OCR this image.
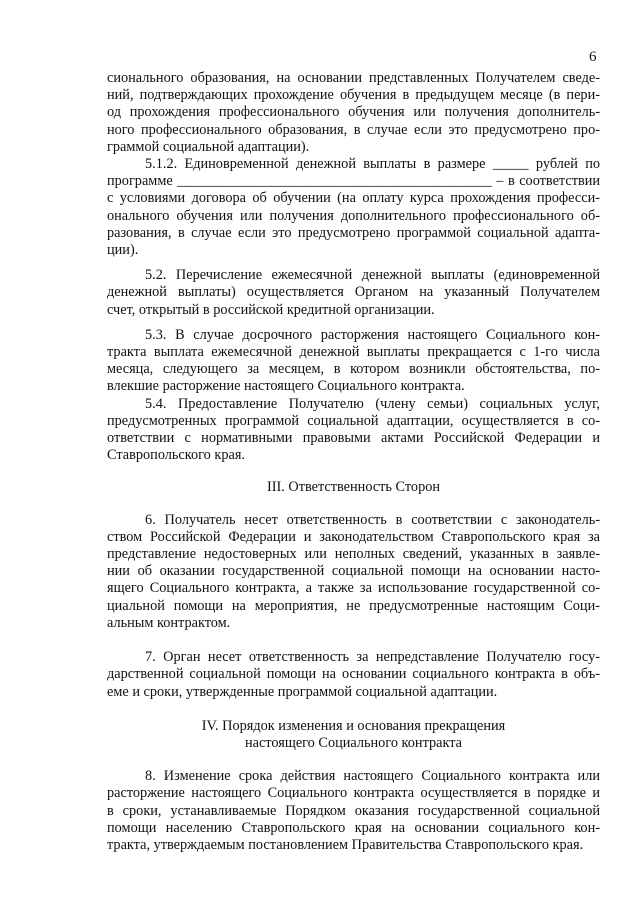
6

сионального образования, на основании представленных Получателем сведе-

ний, подтверждающих прохождение обучения в предыдущем месяце (в пери-

од прохождения профессионального обучения или получения дополнитель-

ного профессионального образования, в случае если это предусмотрено про-

граммой социальной адаптации).

5.1.2. Единовременной денежной выплаты в размере _____ рублей по

программе ____________________________________________ – в соответствии

с условиями договора об обучении (на оплату курса прохождения професси-

онального обучения или получения дополнительного профессионального об-

разования, в случае если это предусмотрено программой социальной адапта-

ции).

5.2. Перечисление ежемесячной денежной выплаты (единовременной

денежной выплаты) осуществляется Органом на указанный Получателем

счет, открытый в российской кредитной организации.

5.3. В случае досрочного расторжения настоящего Социального кон-

тракта выплата ежемесячной денежной выплаты прекращается с 1-го числа

месяца, следующего за месяцем, в котором возникли обстоятельства, по-

влекшие расторжение настоящего Социального контракта.

5.4. Предоставление Получателю (члену семьи) социальных услуг,

предусмотренных программой социальной адаптации, осуществляется в со-

ответствии с нормативными правовыми актами Российской Федерации и

Ставропольского края.

III. Ответственность Сторон

6. Получатель несет ответственность в соответствии с законодатель-

ством Российской Федерации и законодательством Ставропольского края за

представление недостоверных или неполных сведений, указанных в заявле-

нии об оказании государственной социальной помощи на основании насто-

ящего Социального контракта, а также за использование государственной со-

циальной помощи на мероприятия, не предусмотренные настоящим Соци-

альным контрактом.

7. Орган несет ответственность за непредставление Получателю госу-

дарственной социальной помощи на основании социального контракта в объ-

еме и сроки, утвержденные программой социальной адаптации.

IV. Порядок изменения и основания прекращения

настоящего Социального контракта

8. Изменение срока действия настоящего Социального контракта или

расторжение настоящего Социального контракта осуществляется в порядке и

в сроки, устанавливаемые Порядком оказания государственной социальной

помощи населению Ставропольского края на основании социального кон-

тракта, утверждаемым постановлением Правительства Ставропольского края.
